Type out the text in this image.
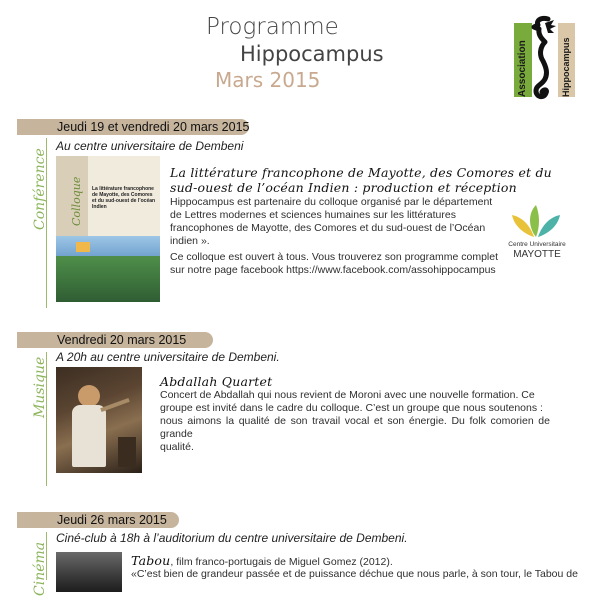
Programme
Hippocampus
Mars 2015	Association	Hippocampus
Jeudi 19 et vendredi 20 mars 2015
Conférence
Au centre universitaire de Dembeni
Colloque La littérature francophone de Mayotte, des Comores et du sud-ouest de l’océan Indien
La littérature francophone de Mayotte, des Comores et du
sud-ouest de l’océan Indien : production et réception
Hippocampus est partenaire du colloque organisé par le département
de Lettres modernes et sciences humaines sur les littératures
francophones de Mayotte, des Comores et du sud-ouest de l’Océan
indien ».
Ce colloque est ouvert à tous. Vous trouverez son programme complet
sur notre page facebook https://www.facebook.com/assohippocampus
Centre Universitaire
MAYOTTE
Vendredi 20 mars 2015
Musique A 20h au centre universitaire de Dembeni.
Abdallah Quartet
Concert de Abdallah qui nous revient de Moroni avec une nouvelle formation. Ce
groupe est invité dans le cadre du colloque. C’est un groupe que nous soutenons :
nous aimons la qualité de son travail vocal et son énergie. Du folk comorien de grande
qualité.
Jeudi 26 mars 2015
Cinéma
Ciné-club à 18h à l’auditorium du centre universitaire de Dembeni.
Tabou, film franco-portugais de Miguel Gomez (2012).
«C’est bien de grandeur passée et de puissance déchue que nous parle, à son tour, le Tabou de
